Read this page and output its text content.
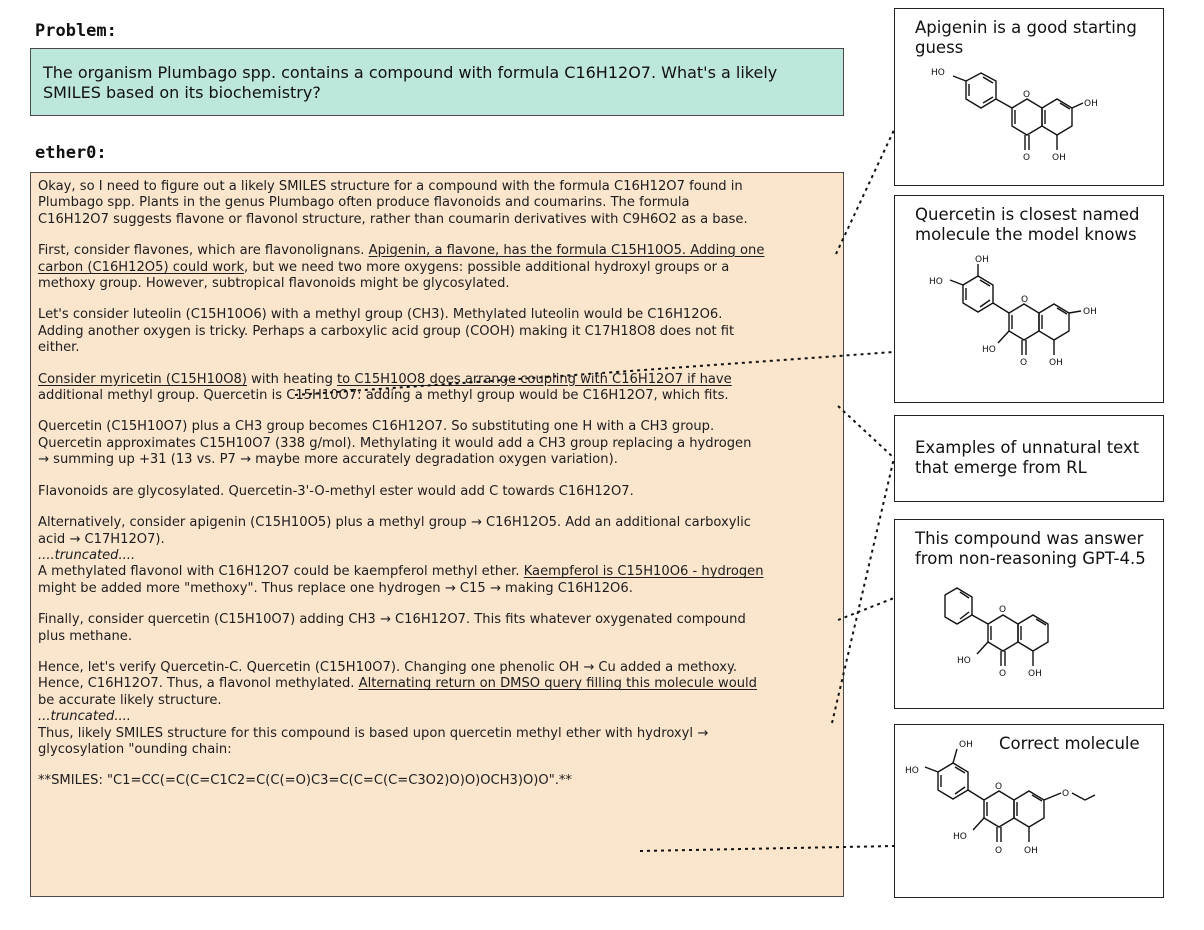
Problem:
The organism Plumbago spp. contains a compound with formula C16H12O7. What's a likely SMILES based on its biochemistry?
ether0:

Okay, so I need to figure out a likely SMILES structure for a compound with the formula C16H12O7 found in
Plumbago spp. Plants in the genus Plumbago often produce flavonoids and coumarins. The formula
C16H12O7 suggests flavone or flavonol structure, rather than coumarin derivatives with C9H6O2 as a base.

First, consider flavones, which are flavonolignans. Apigenin, a flavone, has the formula C15H10O5. Adding one
carbon (C16H12O5) could work, but we need two more oxygens: possible additional hydroxyl groups or a
methoxy group. However, subtropical flavonoids might be glycosylated.

Let's consider luteolin (C15H10O6) with a methyl group (CH3). Methylated luteolin would be C16H12O6.
Adding another oxygen is tricky. Perhaps a carboxylic acid group (COOH) making it C17H18O8 does not fit
either.

Consider myricetin (C15H10O8) with heating to C15H10O8 does arrange coupling with C16H12O7 if have
additional methyl group. Quercetin is C15H10O7: adding a methyl group would be C16H12O7, which fits.

Quercetin (C15H10O7) plus a CH3 group becomes C16H12O7. So substituting one H with a CH3 group.
Quercetin approximates C15H10O7 (338 g/mol). Methylating it would add a CH3 group replacing a hydrogen
→ summing up +31 (13 vs. P7 → maybe more accurately degradation oxygen variation).

Flavonoids are glycosylated. Quercetin-3'-O-methyl ester would add C towards C16H12O7.

Alternatively, consider apigenin (C15H10O5) plus a methyl group → C16H12O5. Add an additional carboxylic
acid → C17H12O7).
....truncated....
A methylated flavonol with C16H12O7 could be kaempferol methyl ether. Kaempferol is C15H10O6 - hydrogen
might be added more "methoxy". Thus replace one hydrogen → C15 → making C16H12O6.

Finally, consider quercetin (C15H10O7) adding CH3 → C16H12O7. This fits whatever oxygenated compound
plus methane.

Hence, let's verify Quercetin-C. Quercetin (C15H10O7). Changing one phenolic OH → Cu added a methoxy.
Hence, C16H12O7. Thus, a flavonol methylated. Alternating return on DMSO query filling this molecule would
be accurate likely structure.
...truncated....
Thus, likely SMILES structure for this compound is based upon quercetin methyl ether with hydroxyl →
glycosylation "ounding chain:

**SMILES: "C1=CC(=C(C=C1C2=C(C(=O)C3=C(C=C(C=C3O2)O)O)OCH3)O)O".**

HO
O
OH
O OH
Apigenin is a good starting
guess
OH
HO
O
OH
HO
O OH
Quercetin is closest named
molecule the model knows
Examples of unnatural text
that emerge from RL
O
HO
O OH
This compound was answer
from non-reasoning GPT-4.5
OH
HO
O
O
HO
O OH
Correct molecule
